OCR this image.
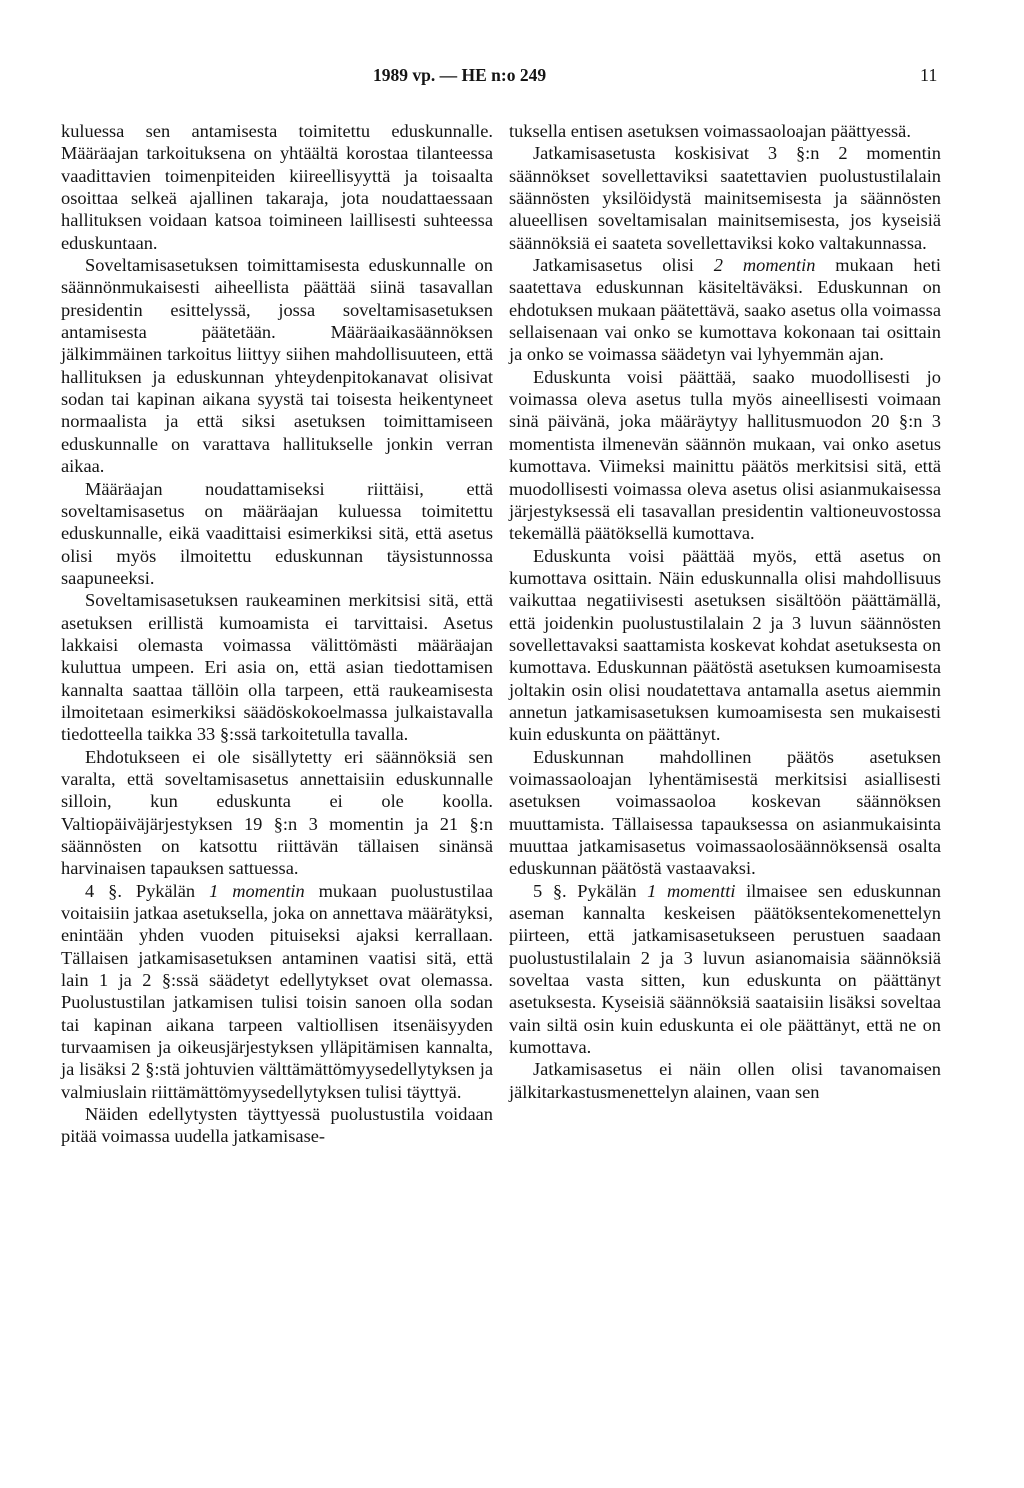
1989 vp. — HE n:o 249	11

kuluessa sen antamisesta toimitettu eduskunnalle. Määräajan tarkoituksena on yhtäältä korostaa tilanteessa vaadittavien toimenpiteiden kiireellisyyttä ja toisaalta osoittaa selkeä ajallinen takaraja, jota noudattaessaan hallituksen voidaan katsoa toimineen laillisesti suhteessa eduskuntaan.

Soveltamisasetuksen toimittamisesta eduskunnalle on säännönmukaisesti aiheellista päättää siinä tasavallan presidentin esittelyssä, jossa soveltamisasetuksen antamisesta päätetään. Määräaikasäännöksen jälkimmäinen tarkoitus liittyy siihen mahdollisuuteen, että hallituksen ja eduskunnan yhteydenpitokanavat olisivat sodan tai kapinan aikana syystä tai toisesta heikentyneet normaalista ja että siksi asetuksen toimittamiseen eduskunnalle on varattava hallitukselle jonkin verran aikaa.

Määräajan noudattamiseksi riittäisi, että soveltamisasetus on määräajan kuluessa toimitettu eduskunnalle, eikä vaadittaisi esimerkiksi sitä, että asetus olisi myös ilmoitettu eduskunnan täysistunnossa saapuneeksi.

Soveltamisasetuksen raukeaminen merkitsisi sitä, että asetuksen erillistä kumoamista ei tarvittaisi. Asetus lakkaisi olemasta voimassa välittömästi määräajan kuluttua umpeen. Eri asia on, että asian tiedottamisen kannalta saattaa tällöin olla tarpeen, että raukeamisesta ilmoitetaan esimerkiksi säädöskokoelmassa julkaistavalla tiedotteella taikka 33 §:ssä tarkoitetulla tavalla.

Ehdotukseen ei ole sisällytetty eri säännöksiä sen varalta, että soveltamisasetus annettaisiin eduskunnalle silloin, kun eduskunta ei ole koolla. Valtiopäiväjärjestyksen 19 §:n 3 momentin ja 21 §:n säännösten on katsottu riittävän tällaisen sinänsä harvinaisen tapauksen sattuessa.

4 §. Pykälän 1 momentin mukaan puolustustilaa voitaisiin jatkaa asetuksella, joka on annettava määrätyksi, enintään yhden vuoden pituiseksi ajaksi kerrallaan. Tällaisen jatkamisasetuksen antaminen vaatisi sitä, että lain 1 ja 2 §:ssä säädetyt edellytykset ovat olemassa. Puolustustilan jatkamisen tulisi toisin sanoen olla sodan tai kapinan aikana tarpeen valtiollisen itsenäisyyden turvaamisen ja oikeusjärjestyksen ylläpitämisen kannalta, ja lisäksi 2 §:stä johtuvien välttämättömyysedellytyksen ja valmiuslain riittämättömyysedellytyksen tulisi täyttyä.

Näiden edellytysten täyttyessä puolustustila voidaan pitää voimassa uudella jatkamisase-

tuksella entisen asetuksen voimassaoloajan päättyessä.

Jatkamisasetusta koskisivat 3 §:n 2 momentin säännökset sovellettaviksi saatettavien puolustustilalain säännösten yksilöidystä mainitsemisesta ja säännösten alueellisen soveltamisalan mainitsemisesta, jos kyseisiä säännöksiä ei saateta sovellettaviksi koko valtakunnassa.

Jatkamisasetus olisi 2 momentin mukaan heti saatettava eduskunnan käsiteltäväksi. Eduskunnan on ehdotuksen mukaan päätettävä, saako asetus olla voimassa sellaisenaan vai onko se kumottava kokonaan tai osittain ja onko se voimassa säädetyn vai lyhyemmän ajan.

Eduskunta voisi päättää, saako muodollisesti jo voimassa oleva asetus tulla myös aineellisesti voimaan sinä päivänä, joka määräytyy hallitusmuodon 20 §:n 3 momentista ilmenevän säännön mukaan, vai onko asetus kumottava. Viimeksi mainittu päätös merkitsisi sitä, että muodollisesti voimassa oleva asetus olisi asianmukaisessa järjestyksessä eli tasavallan presidentin valtioneuvostossa tekemällä päätöksellä kumottava.

Eduskunta voisi päättää myös, että asetus on kumottava osittain. Näin eduskunnalla olisi mahdollisuus vaikuttaa negatiivisesti asetuksen sisältöön päättämällä, että joidenkin puolustustilalain 2 ja 3 luvun säännösten sovellettavaksi saattamista koskevat kohdat asetuksesta on kumottava. Eduskunnan päätöstä asetuksen kumoamisesta joltakin osin olisi noudatettava antamalla asetus aiemmin annetun jatkamisasetuksen kumoamisesta sen mukaisesti kuin eduskunta on päättänyt.

Eduskunnan mahdollinen päätös asetuksen voimassaoloajan lyhentämisestä merkitsisi asiallisesti asetuksen voimassaoloa koskevan säännöksen muuttamista. Tällaisessa tapauksessa on asianmukaisinta muuttaa jatkamisasetus voimassaolosäännöksensä osalta eduskunnan päätöstä vastaavaksi.

5 §. Pykälän 1 momentti ilmaisee sen eduskunnan aseman kannalta keskeisen päätöksentekomenettelyn piirteen, että jatkamisasetukseen perustuen saadaan puolustustilalain 2 ja 3 luvun asianomaisia säännöksiä soveltaa vasta sitten, kun eduskunta on päättänyt asetuksesta. Kyseisiä säännöksiä saataisiin lisäksi soveltaa vain siltä osin kuin eduskunta ei ole päättänyt, että ne on kumottava.

Jatkamisasetus ei näin ollen olisi tavanomaisen jälkitarkastusmenettelyn alainen, vaan sen
